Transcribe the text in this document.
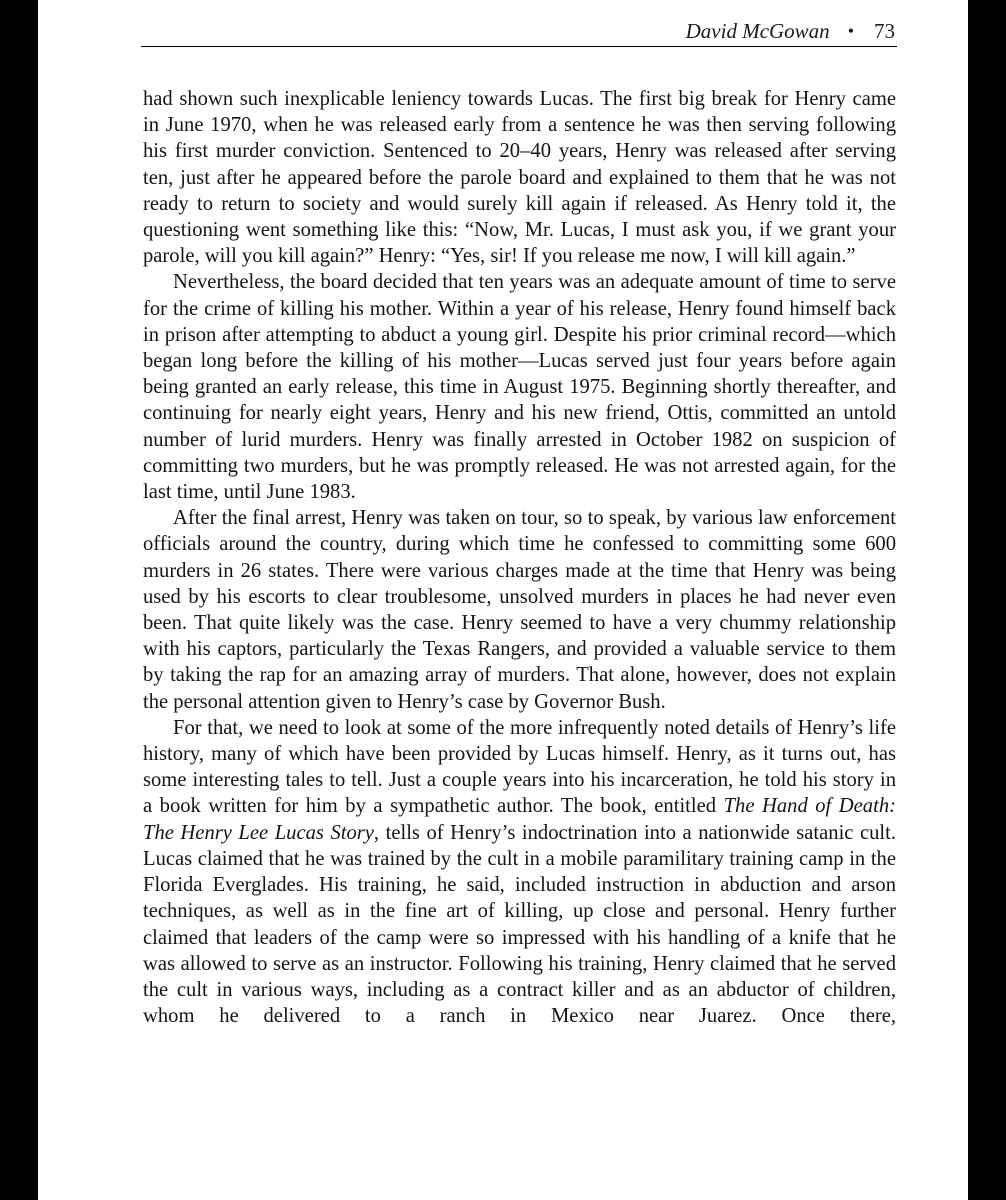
David McGowan • 73

had shown such inexplicable leniency towards Lucas. The first big break for Henry came in June 1970, when he was released early from a sentence he was then serving following his first murder conviction. Sentenced to 20–40 years, Henry was released after serving ten, just after he appeared before the parole board and explained to them that he was not ready to return to society and would surely kill again if released. As Henry told it, the questioning went something like this: “Now, Mr. Lucas, I must ask you, if we grant your parole, will you kill again?” Henry: “Yes, sir! If you release me now, I will kill again.”

Nevertheless, the board decided that ten years was an adequate amount of time to serve for the crime of killing his mother. Within a year of his release, Henry found himself back in prison after attempting to abduct a young girl. Despite his prior criminal record—which began long before the killing of his mother—Lucas served just four years before again being granted an early release, this time in August 1975. Beginning shortly thereafter, and continuing for nearly eight years, Henry and his new friend, Ottis, committed an untold number of lurid murders. Henry was finally arrested in October 1982 on suspicion of committing two murders, but he was promptly released. He was not arrested again, for the last time, until June 1983.

After the final arrest, Henry was taken on tour, so to speak, by various law enforcement officials around the country, during which time he confessed to committing some 600 murders in 26 states. There were various charges made at the time that Henry was being used by his escorts to clear troublesome, unsolved murders in places he had never even been. That quite likely was the case. Henry seemed to have a very chummy relationship with his captors, particularly the Texas Rangers, and provided a valuable service to them by taking the rap for an amazing array of murders. That alone, however, does not explain the personal attention given to Henry’s case by Governor Bush.

For that, we need to look at some of the more infrequently noted details of Henry’s life history, many of which have been provided by Lucas himself. Henry, as it turns out, has some interesting tales to tell. Just a couple years into his incarceration, he told his story in a book written for him by a sympathetic author. The book, entitled The Hand of Death: The Henry Lee Lucas Story, tells of Henry’s indoctrination into a nationwide satanic cult. Lucas claimed that he was trained by the cult in a mobile paramilitary training camp in the Florida Everglades. His training, he said, included instruction in abduction and arson techniques, as well as in the fine art of killing, up close and personal. Henry further claimed that leaders of the camp were so impressed with his handling of a knife that he was allowed to serve as an instructor. Following his training, Henry claimed that he served the cult in various ways, including as a contract killer and as an abductor of children, whom he delivered to a ranch in Mexico near Juarez. Once there,
